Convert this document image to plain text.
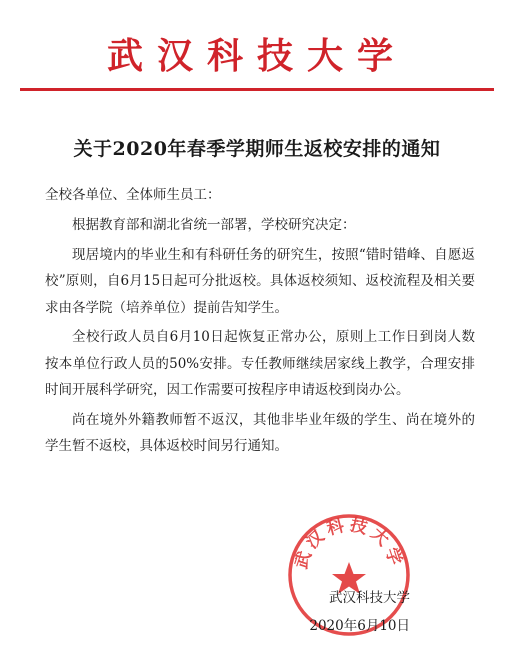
武汉科技大学
关于2020年春季学期师生返校安排的通知
全校各单位、全体师生员工：

根据教育部和湖北省统一部署，学校研究决定：

现居境内的毕业生和有科研任务的研究生，按照“错时错峰、自愿返校”原则，自6月15日起可分批返校。具体返校须知、返校流程及相关要求由各学院（培养单位）提前告知学生。

全校行政人员自6月10日起恢复正常办公，原则上工作日到岗人数按本单位行政人员的50%安排。专任教师继续居家线上教学，合理安排时间开展科学研究，因工作需要可按程序申请返校到岗办公。

尚在境外外籍教师暂不返汉，其他非毕业年级的学生、尚在境外的学生暂不返校，具体返校时间另行通知。

武汉科技大学
武汉科技大学
2020年6月10日
